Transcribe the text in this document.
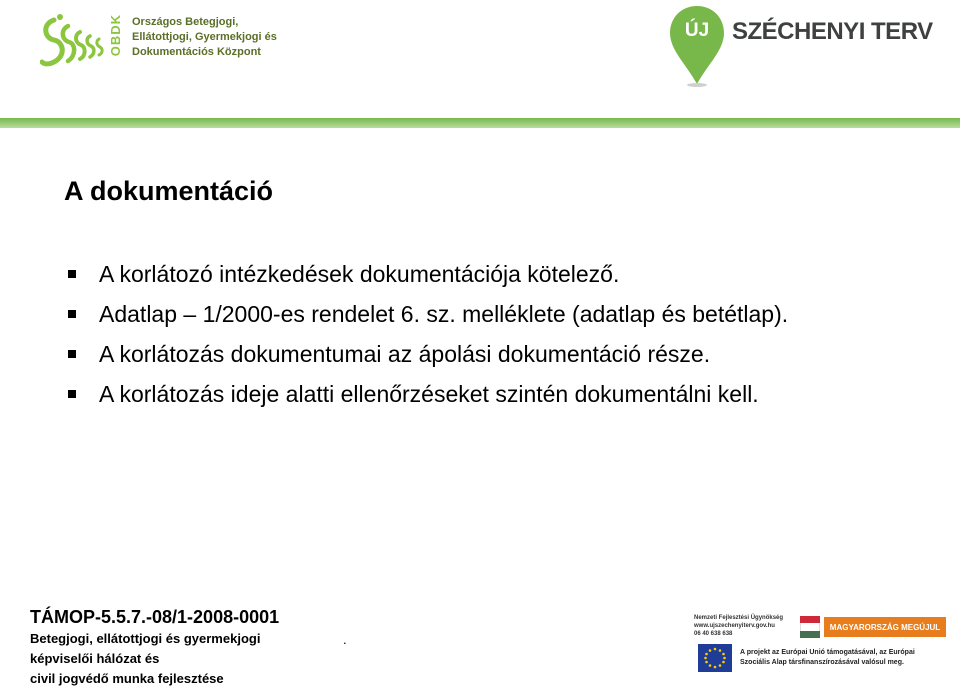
OBDK Országos Betegjogi,
Ellátottjogi, Gyermekjogi és
Dokumentációs Központ
ÚJ SZÉCHENYI TERV
A dokumentáció
A korlátozó intézkedések dokumentációja kötelező.
Adatlap – 1/2000-es rendelet 6. sz. melléklete (adatlap és betétlap).
A korlátozás dokumentumai az ápolási dokumentáció része.
A korlátozás ideje alatti ellenőrzéseket szintén dokumentálni kell.
TÁMOP-5.5.7.-08/1-2008-0001
Betegjogi, ellátottjogi és gyermekjogi
képviselői hálózat és
civil jogvédő munka fejlesztése
.
Nemzeti Fejlesztési Ügynökség
www.ujszechenyiterv.gov.hu
06 40 638 638
MAGYARORSZÁG MEGÚJUL
A projekt az Európai Unió támogatásával, az Európai
Szociális Alap társfinanszírozásával valósul meg.
